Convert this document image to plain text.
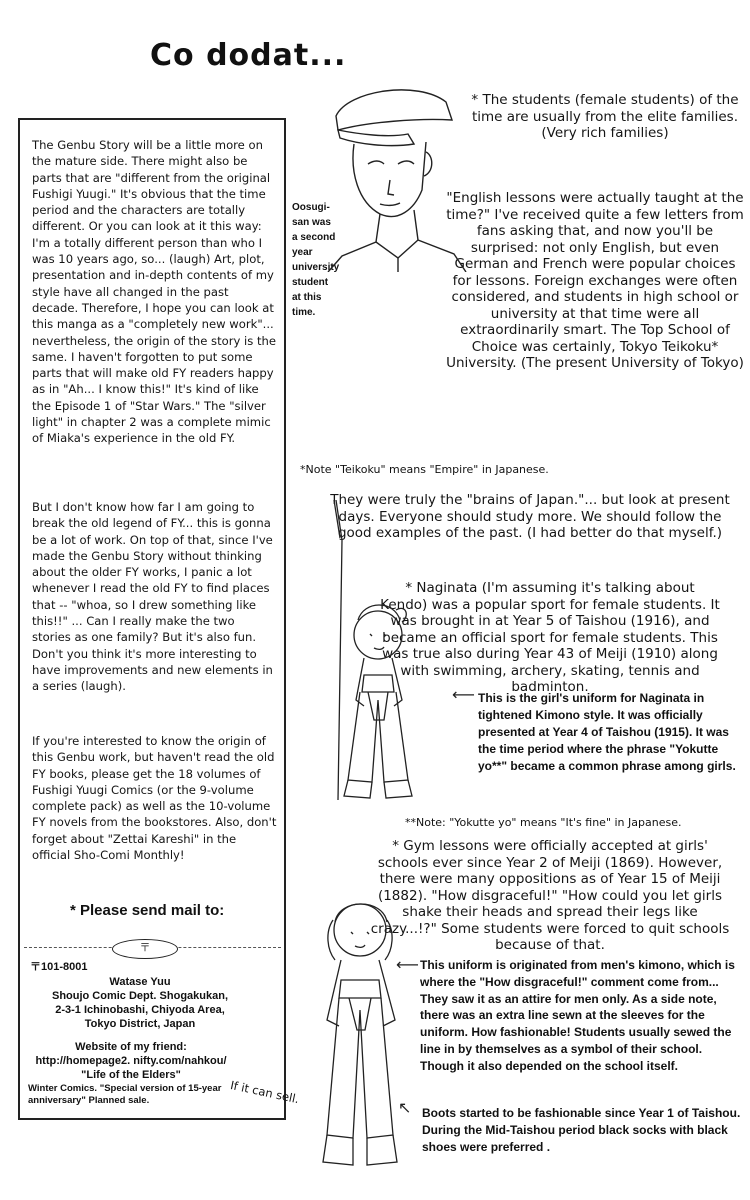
Co dodat...

The Genbu Story will be a little more on the mature side. There might also be parts that are "different from the original Fushigi Yuugi." It's obvious that the time period and the characters are totally different. Or you can look at it this way: I'm a totally different person than who I was 10 years ago, so... (laugh) Art, plot, presentation and in-depth contents of my style have all changed in the past decade. Therefore, I hope you can look at this manga as a "completely new work"... nevertheless, the origin of the story is the same. I haven't forgotten to put some parts that will make old FY readers happy as in "Ah... I know this!" It's kind of like the Episode 1 of "Star Wars." The "silver light" in chapter 2 was a complete mimic of Miaka's experience in the old FY.

But I don't know how far I am going to break the old legend of FY... this is gonna be a lot of work. On top of that, since I've made the Genbu Story without thinking about the older FY works, I panic a lot whenever I read the old FY to find places that -- "whoa, so I drew something like this!!" ... Can I really make the two stories as one family? But it's also fun. Don't you think it's more interesting to have improvements and new elements in a series (laugh).

If you're interested to know the origin of this Genbu work, but haven't read the old FY books, please get the 18 volumes of Fushigi Yuugi Comics (or the 9-volume complete pack) as well as the 10-volume FY novels from the bookstores. Also, don't forget about "Zettai Kareshi" in the official Sho-Comi Monthly!

* Please send mail to:
〒
〒101-8001
Watase Yuu
Shoujo Comic Dept. Shogakukan,
2-3-1 Ichinobashi, Chiyoda Area,
Tokyo District, Japan
Website of my friend:
http://homepage2. nifty.com/nahkou/
"Life of the Elders"
Winter Comics. "Special version of 15-year anniversary" Planned sale.	If it can sell.

* The students (female students) of the time are usually from the elite families. (Very rich families)

"English lessons were actually taught at the time?" I've received quite a few letters from fans asking that, and now you'll be surprised: not only English, but even German and French were popular choices for lessons. Foreign exchanges were often considered, and students in high school or university at that time were all extraordinarily smart. The Top School of Choice was certainly, Tokyo Teikoku* University. (The present University of Tokyo)

Oosugi-san was a second year university student at this time.
*Note "Teikoku" means "Empire" in Japanese.

They were truly the "brains of Japan."... but look at present days. Everyone should study more. We should follow the good examples of the past. (I had better do that myself.)

* Naginata (I'm assuming it's talking about Kendo) was a popular sport for female students. It was brought in at Year 5 of Taishou (1916), and became an official sport for female students. This was true also during Year 43 of Meiji (1910) along with swimming, archery, skating, tennis and badminton.

⟵ This is the girl's uniform for Naginata in tightened Kimono style. It was officially presented at Year 4 of Taishou (1915). It was the time period where the phrase "Yokutte yo**" became a common phrase among girls.
**Note: "Yokutte yo" means "It's fine" in Japanese.

* Gym lessons were officially accepted at girls' schools ever since Year 2 of Meiji (1869). However, there were many oppositions as of Year 15 of Meiji (1882). "How disgraceful!" "How could you let girls shake their heads and spread their legs like crazy...!?" Some students were forced to quit schools because of that.

⟵ This uniform is originated from men's kimono, which is where the "How disgraceful!" comment come from... They saw it as an attire for men only. As a side note, there was an extra line sewn at the sleeves for the uniform. How fashionable! Students usually sewed the line in by themselves as a symbol of their school. Though it also depended on the school itself.
↖ Boots started to be fashionable since Year 1 of Taishou. During the Mid-Taishou period black socks with black shoes were preferred .
